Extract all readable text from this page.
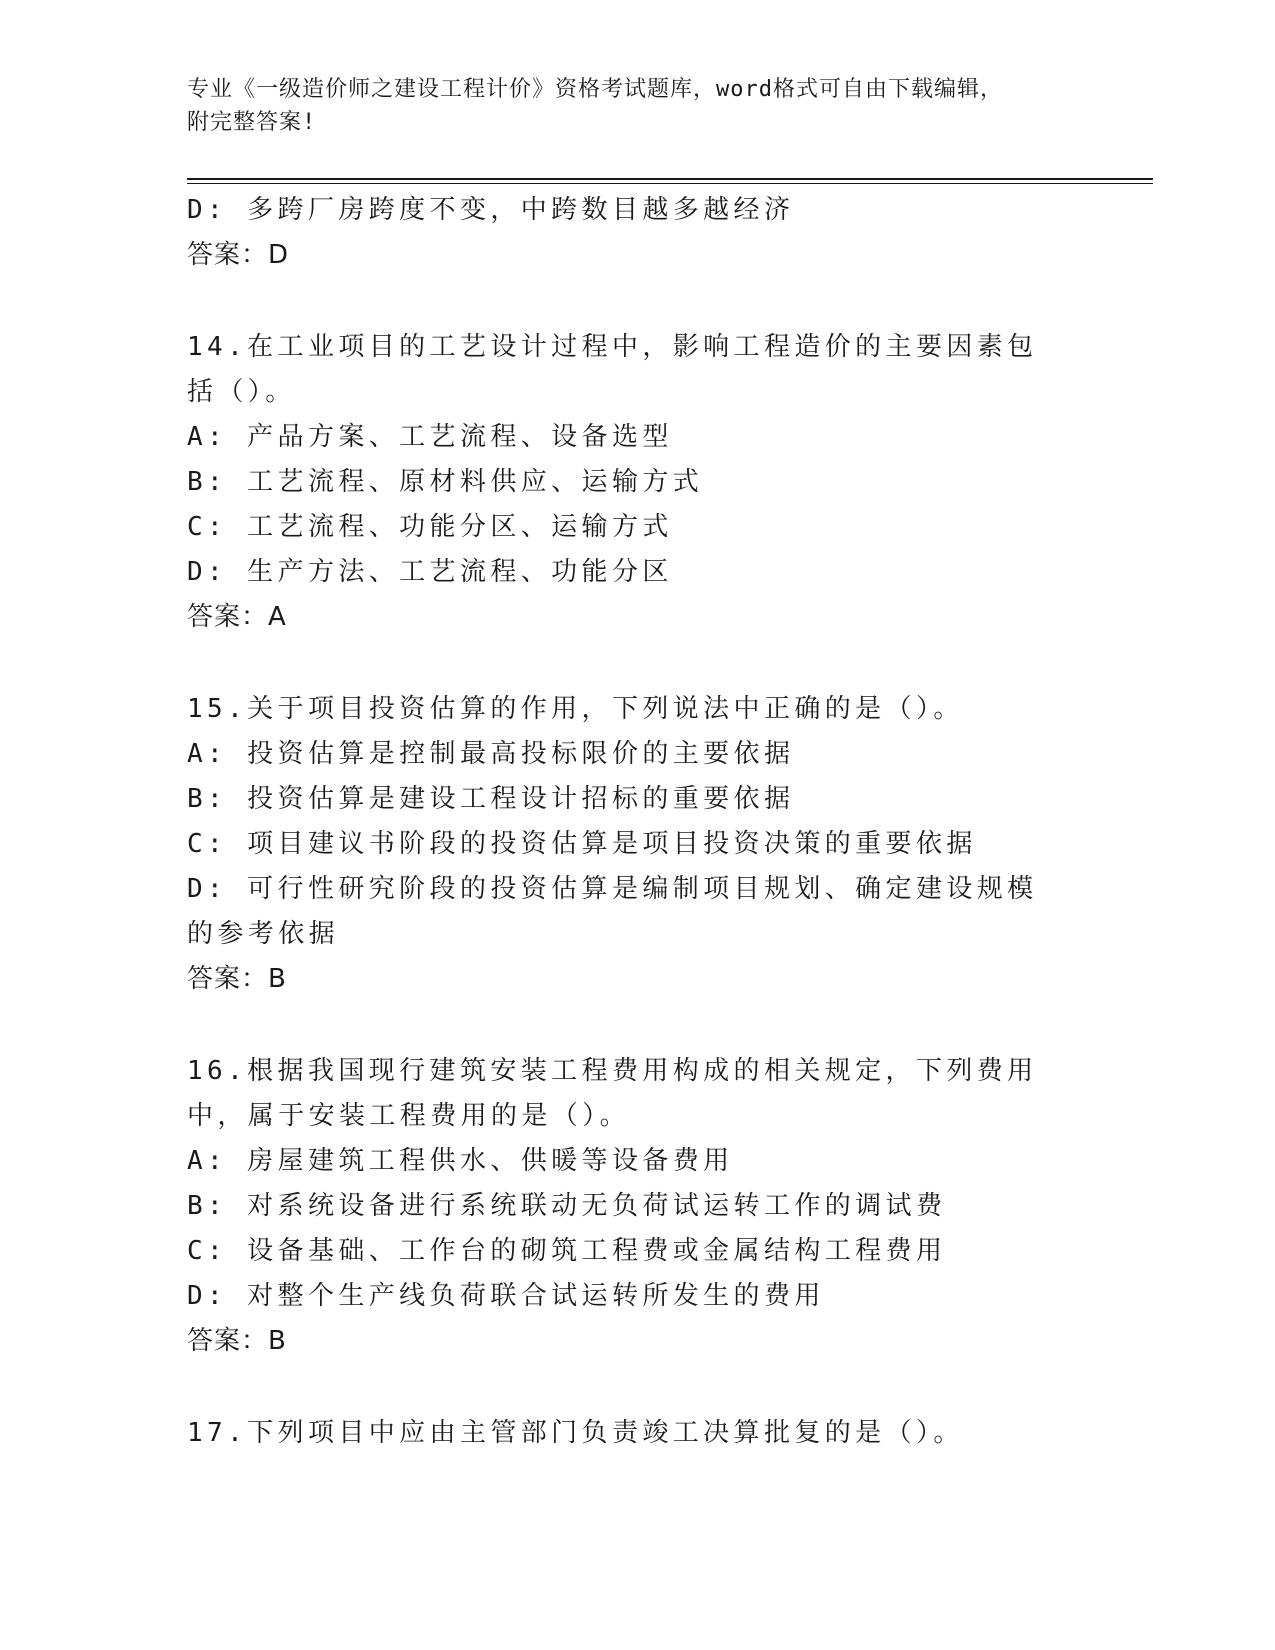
专业《一级造价师之建设工程计价》资格考试题库，word格式可自由下载编辑，
附完整答案!
D: 多跨厂房跨度不变，中跨数目越多越经济
答案：D
14.在工业项目的工艺设计过程中，影响工程造价的主要因素包括（）。
A: 产品方案、工艺流程、设备选型
B: 工艺流程、原材料供应、运输方式
C: 工艺流程、功能分区、运输方式
D: 生产方法、工艺流程、功能分区
答案：A
15.关于项目投资估算的作用，下列说法中正确的是（）。
A: 投资估算是控制最高投标限价的主要依据
B: 投资估算是建设工程设计招标的重要依据
C: 项目建议书阶段的投资估算是项目投资决策的重要依据
D: 可行性研究阶段的投资估算是编制项目规划、确定建设规模的参考依据
答案：B
16.根据我国现行建筑安装工程费用构成的相关规定，下列费用中，属于安装工程费用的是（）。
A: 房屋建筑工程供水、供暖等设备费用
B: 对系统设备进行系统联动无负荷试运转工作的调试费
C: 设备基础、工作台的砌筑工程费或金属结构工程费用
D: 对整个生产线负荷联合试运转所发生的费用
答案：B
17.下列项目中应由主管部门负责竣工决算批复的是（）。
